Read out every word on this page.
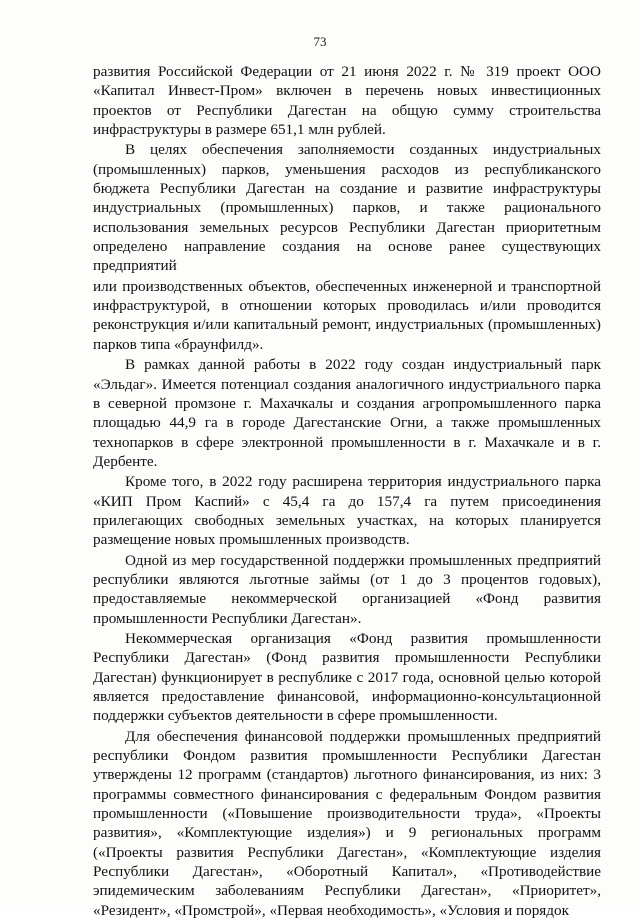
73

развития Российской Федерации от 21 июня 2022 г. № 319 проект ООО «Капитал Инвест-Пром» включен в перечень новых инвестиционных проектов от Республики Дагестан на общую сумму строительства инфраструктуры в размере 651,1 млн рублей.

В целях обеспечения заполняемости созданных индустриальных (промышленных) парков, уменьшения расходов из республиканского бюджета Республики Дагестан на создание и развитие инфраструктуры индустриальных (промышленных) парков, и также рационального использования земельных ресурсов Республики Дагестан приоритетным определено направление создания на основе ранее существующих предприятий

или производственных объектов, обеспеченных инженерной и транспортной инфраструктурой, в отношении которых проводилась и/или проводится реконструкция и/или капитальный ремонт, индустриальных (промышленных) парков типа «браунфилд».

В рамках данной работы в 2022 году создан индустриальный парк «Эльдаг». Имеется потенциал создания аналогичного индустриального парка в северной промзоне г. Махачкалы и создания агропромышленного парка площадью 44,9 га в городе Дагестанские Огни, а также промышленных технопарков в сфере электронной промышленности в г. Махачкале и в г. Дербенте.

Кроме того, в 2022 году расширена территория индустриального парка «КИП Пром Каспий» с 45,4 га до 157,4 га путем присоединения прилегающих свободных земельных участках, на которых планируется размещение новых промышленных производств.

Одной из мер государственной поддержки промышленных предприятий республики являются льготные займы (от 1 до 3 процентов годовых), предоставляемые некоммерческой организацией «Фонд развития промышленности Республики Дагестан».

Некоммерческая организация «Фонд развития промышленности Республики Дагестан» (Фонд развития промышленности Республики Дагестан) функционирует в республике с 2017 года, основной целью которой является предоставление финансовой, информационно-консультационной поддержки субъектов деятельности в сфере промышленности.

Для обеспечения финансовой поддержки промышленных предприятий республики Фондом развития промышленности Республики Дагестан утверждены 12 программ (стандартов) льготного финансирования, из них: 3 программы совместного финансирования с федеральным Фондом развития промышленности («Повышение производительности труда», «Проекты развития», «Комплектующие изделия») и 9 региональных программ («Проекты развития Республики Дагестан», «Комплектующие изделия Республики Дагестан», «Оборотный Капитал», «Противодействие эпидемическим заболеваниям Республики Дагестан», «Приоритет», «Резидент», «Промстрой», «Первая необходимость», «Условия и порядок
